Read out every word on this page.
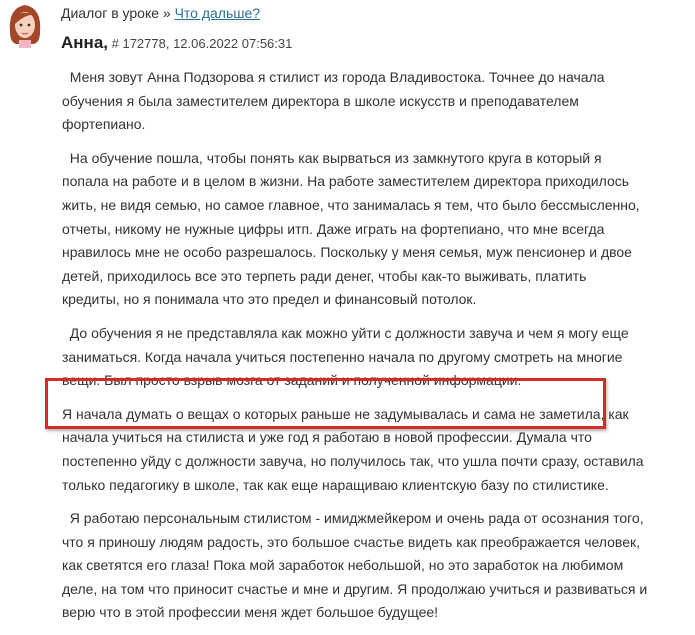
Диалог в уроке » Что дальше?
Анна, # 172778, 12.06.2022 07:56:31

Меня зовут Анна Подзорова я стилист из города Владивостока. Точнее до начала
обучения я была заместителем директора в школе искусств и преподавателем
фортепиано.

На обучение пошла, чтобы понять как вырваться из замкнутого круга в который я
попала на работе и в целом в жизни. На работе заместителем директора приходилось
жить, не видя семью, но самое главное, что занималась я тем, что было бессмысленно,
отчеты, никому не нужные цифры итп. Даже играть на фортепиано, что мне всегда
нравилось мне не особо разрешалось. Поскольку у меня семья, муж пенсионер и двое
детей, приходилось все это терпеть ради денег, чтобы как-то выживать, платить
кредиты, но я понимала что это предел и финансовый потолок.

До обучения я не представляла как можно уйти с должности завуча и чем я могу еще
заниматься. Когда начала учиться постепенно начала по другому смотреть на многие
вещи. Был просто взрыв мозга от заданий и полученной информации.

Я начала думать о вещах о которых раньше не задумывалась и сама не заметила, как
начала учиться на стилиста и уже год я работаю в новой профессии. Думала что
постепенно уйду с должности завуча, но получилось так, что ушла почти сразу, оставила
только педагогику в школе, так как еще наращиваю клиентскую базу по стилистике.

Я работаю персональным стилистом - имиджмейкером и очень рада от осознания того,
что я приношу людям радость, это большое счастье видеть как преображается человек,
как светятся его глаза! Пока мой заработок небольшой, но это заработок на любимом
деле, на том что приносит счастье и мне и другим. Я продолжаю учиться и развиваться и
верю что в этой профессии меня ждет большое будущее!
